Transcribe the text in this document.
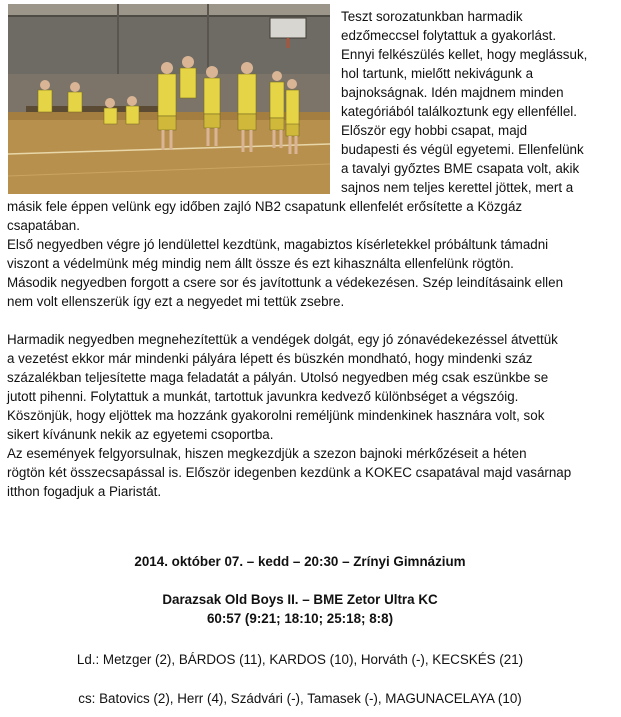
Teszt sorozatunkban harmadik
edzőmeccsel folytattuk a gyakorlást.
Ennyi felkészülés kellet, hogy meglássuk,
hol tartunk, mielőtt nekivágunk a
bajnokságnak. Idén majdnem minden
kategóriából találkoztunk egy ellenféllel.
Először egy hobbi csapat, majd
budapesti és végül egyetemi. Ellenfelünk
a tavalyi győztes BME csapata volt, akik
sajnos nem teljes kerettel jöttek, mert a
másik fele éppen velünk egy időben zajló NB2 csapatunk ellenfelét erősítette a Közgáz
csapatában.
Első negyedben végre jó lendülettel kezdtünk, magabiztos kísérletekkel próbáltunk támadni
viszont a védelmünk még mindig nem állt össze és ezt kihasználta ellenfelünk rögtön.
Második negyedben forgott a csere sor és javítottunk a védekezésen. Szép leindításaink ellen
nem volt ellenszerük így ezt a negyedet mi tettük zsebre.
Harmadik negyedben megnehezítettük a vendégek dolgát, egy jó zónavédekezéssel átvettük
a vezetést ekkor már mindenki pályára lépett és büszkén mondható, hogy mindenki száz
százalékban teljesítette maga feladatát a pályán. Utolsó negyedben még csak eszünkbe se
jutott pihenni. Folytattuk a munkát, tartottuk javunkra kedvező különbséget a végszóig.
Köszönjük, hogy eljöttek ma hozzánk gyakorolni reméljünk mindenkinek hasznára volt, sok
sikert kívánunk nekik az egyetemi csoportba.
Az események felgyorsulnak, hiszen megkezdjük a szezon bajnoki mérkőzéseit a héten
rögtön két összecsapással is. Először idegenben kezdünk a KOKEC csapatával majd vasárnap
itthon fogadjuk a Piaristát.
2014. október 07. – kedd – 20:30 – Zrínyi Gimnázium
Darazsak Old Boys II. – BME Zetor Ultra KC
60:57 (9:21; 18:10; 25:18; 8:8)
Ld.: Metzger (2), BÁRDOS (11), KARDOS (10), Horváth (-), KECSKÉS (21)
cs: Batovics (2), Herr (4), Szádvári (-), Tamasek (-), MAGUNACELAYA (10)
